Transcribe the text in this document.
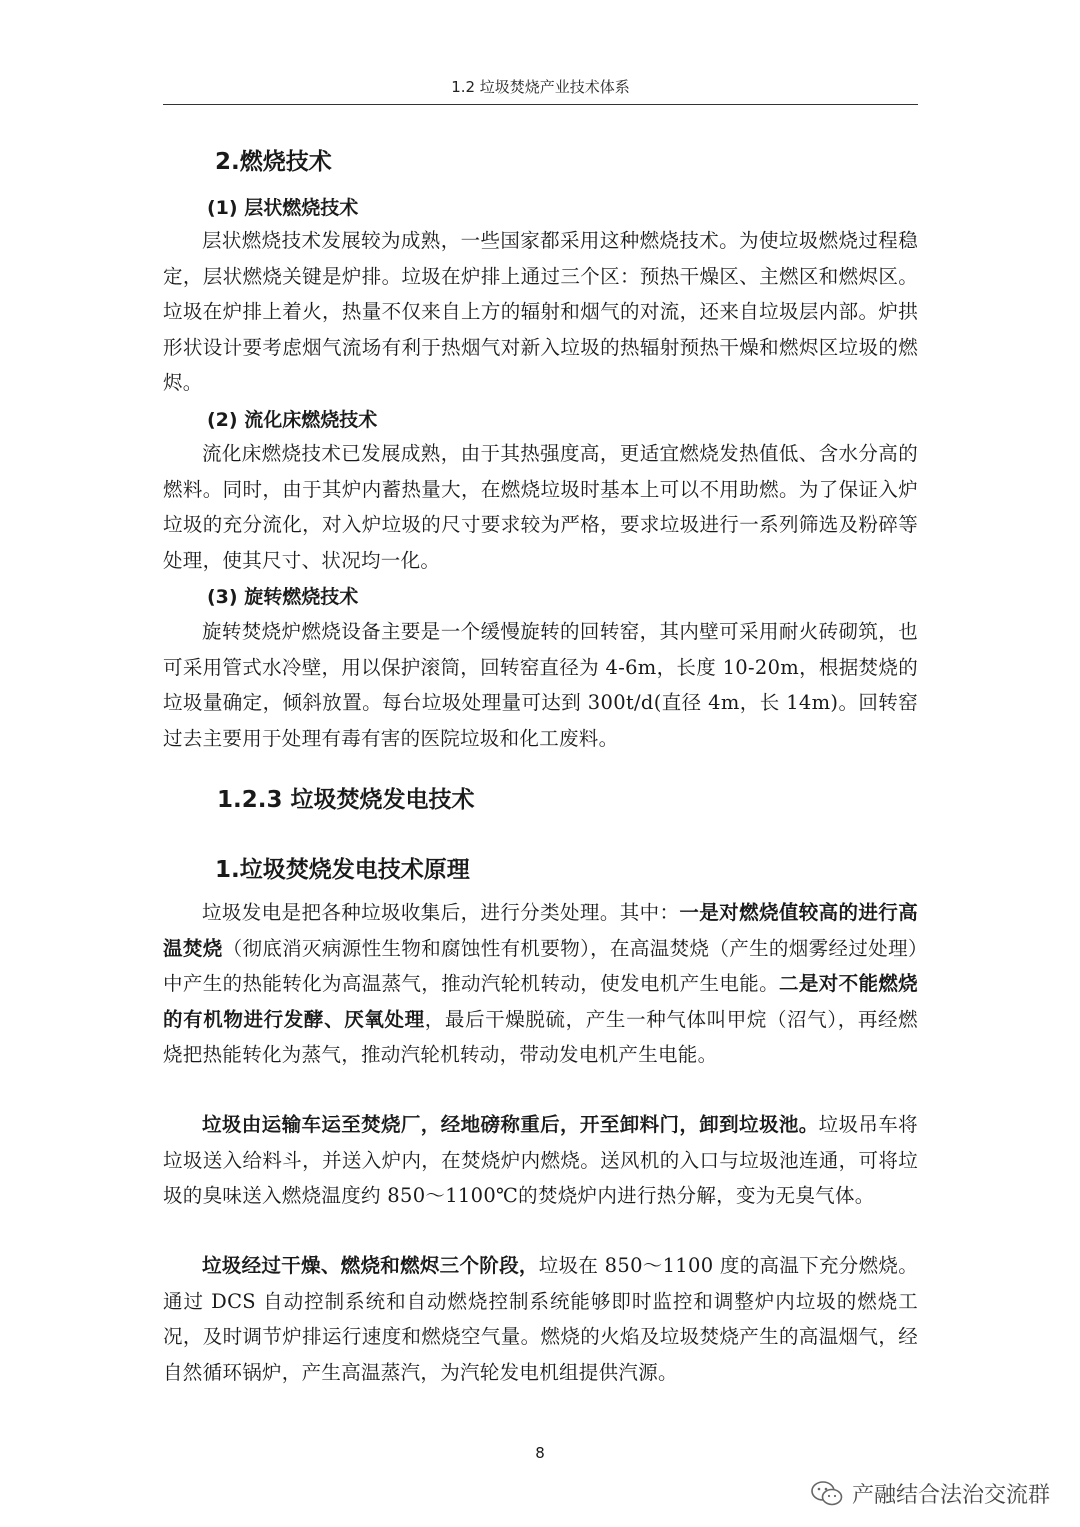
1.2 垃圾焚烧产业技术体系
2.燃烧技术
(1) 层状燃烧技术
层状燃烧技术发展较为成熟，一些国家都采用这种燃烧技术。为使垃圾燃烧过程稳定，层状燃烧关键是炉排。垃圾在炉排上通过三个区：预热干燥区、主燃区和燃烬区。垃圾在炉排上着火，热量不仅来自上方的辐射和烟气的对流，还来自垃圾层内部。炉拱形状设计要考虑烟气流场有利于热烟气对新入垃圾的热辐射预热干燥和燃烬区垃圾的燃烬。
(2) 流化床燃烧技术
流化床燃烧技术已发展成熟，由于其热强度高，更适宜燃烧发热值低、含水分高的燃料。同时，由于其炉内蓄热量大，在燃烧垃圾时基本上可以不用助燃。为了保证入炉垃圾的充分流化，对入炉垃圾的尺寸要求较为严格，要求垃圾进行一系列筛选及粉碎等处理，使其尺寸、状况均一化。
(3) 旋转燃烧技术
旋转焚烧炉燃烧设备主要是一个缓慢旋转的回转窑，其内壁可采用耐火砖砌筑，也可采用管式水冷壁，用以保护滚筒，回转窑直径为 4-6m，长度 10-20m，根据焚烧的垃圾量确定，倾斜放置。每台垃圾处理量可达到 300t/d(直径 4m，长 14m)。回转窑过去主要用于处理有毒有害的医院垃圾和化工废料。
1.2.3 垃圾焚烧发电技术
1.垃圾焚烧发电技术原理
垃圾发电是把各种垃圾收集后，进行分类处理。其中：一是对燃烧值较高的进行高温焚烧（彻底消灭病源性生物和腐蚀性有机要物），在高温焚烧（产生的烟雾经过处理）中产生的热能转化为高温蒸气，推动汽轮机转动，使发电机产生电能。二是对不能燃烧的有机物进行发酵、厌氧处理，最后干燥脱硫，产生一种气体叫甲烷（沼气），再经燃烧把热能转化为蒸气，推动汽轮机转动，带动发电机产生电能。
垃圾由运输车运至焚烧厂，经地磅称重后，开至卸料门，卸到垃圾池。垃圾吊车将垃圾送入给料斗，并送入炉内，在焚烧炉内燃烧。送风机的入口与垃圾池连通，可将垃圾的臭味送入燃烧温度约 850～1100℃的焚烧炉内进行热分解，变为无臭气体。
垃圾经过干燥、燃烧和燃烬三个阶段，垃圾在 850～1100 度的高温下充分燃烧。通过 DCS 自动控制系统和自动燃烧控制系统能够即时监控和调整炉内垃圾的燃烧工况，及时调节炉排运行速度和燃烧空气量。燃烧的火焰及垃圾焚烧产生的高温烟气，经自然循环锅炉，产生高温蒸汽，为汽轮发电机组提供汽源。
8
产融结合法治交流群
